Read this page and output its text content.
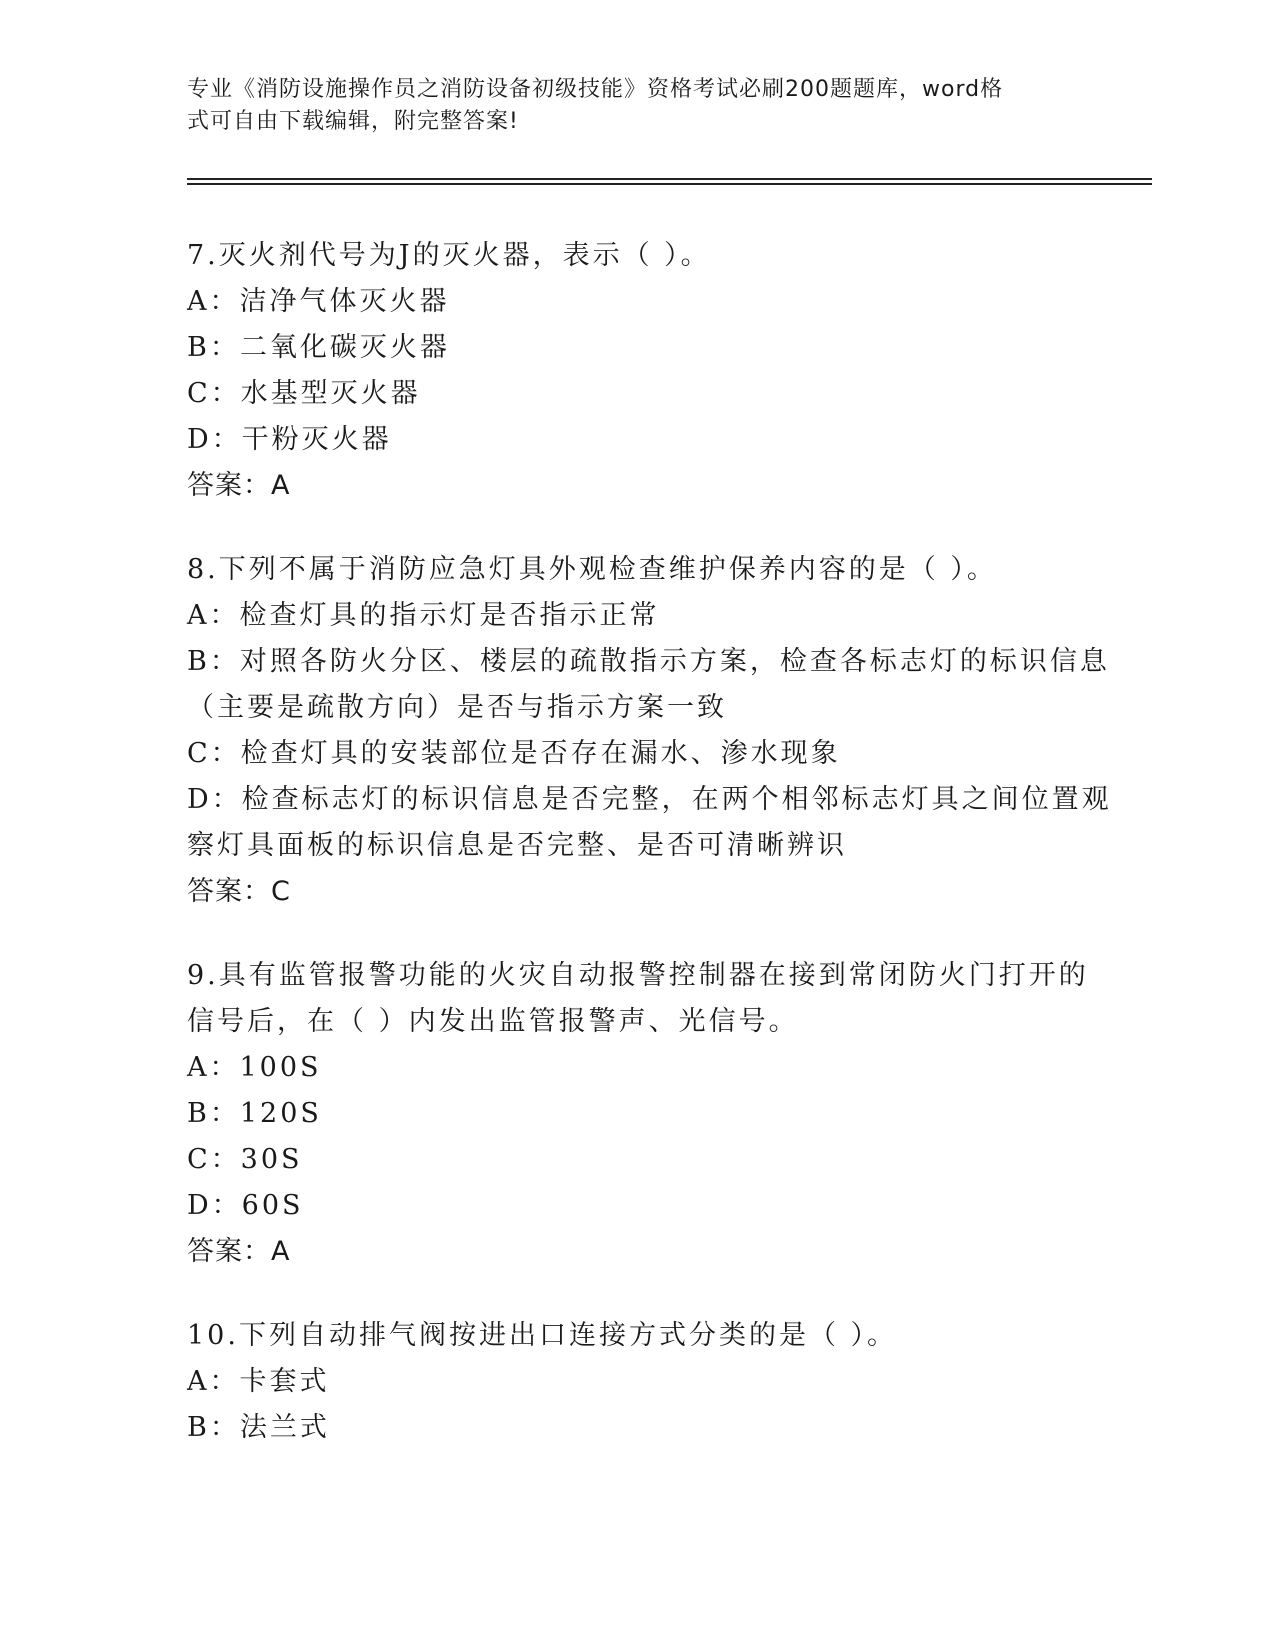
专业《消防设施操作员之消防设备初级技能》资格考试必刷200题题库，word格
式可自由下载编辑，附完整答案!
7.灭火剂代号为J的灭火器，表示（ ）。
A：洁净气体灭火器
B：二氧化碳灭火器
C：水基型灭火器
D：干粉灭火器
答案：A
8.下列不属于消防应急灯具外观检查维护保养内容的是（ ）。
A：检查灯具的指示灯是否指示正常
B：对照各防火分区、楼层的疏散指示方案，检查各标志灯的标识信息
（主要是疏散方向）是否与指示方案一致
C：检查灯具的安装部位是否存在漏水、渗水现象
D：检查标志灯的标识信息是否完整，在两个相邻标志灯具之间位置观
察灯具面板的标识信息是否完整、是否可清晰辨识
答案：C
9.具有监管报警功能的火灾自动报警控制器在接到常闭防火门打开的
信号后，在（ ）内发出监管报警声、光信号。
A：100S
B：120S
C：30S
D：60S
答案：A
10.下列自动排气阀按进出口连接方式分类的是（ ）。
A：卡套式
B：法兰式
